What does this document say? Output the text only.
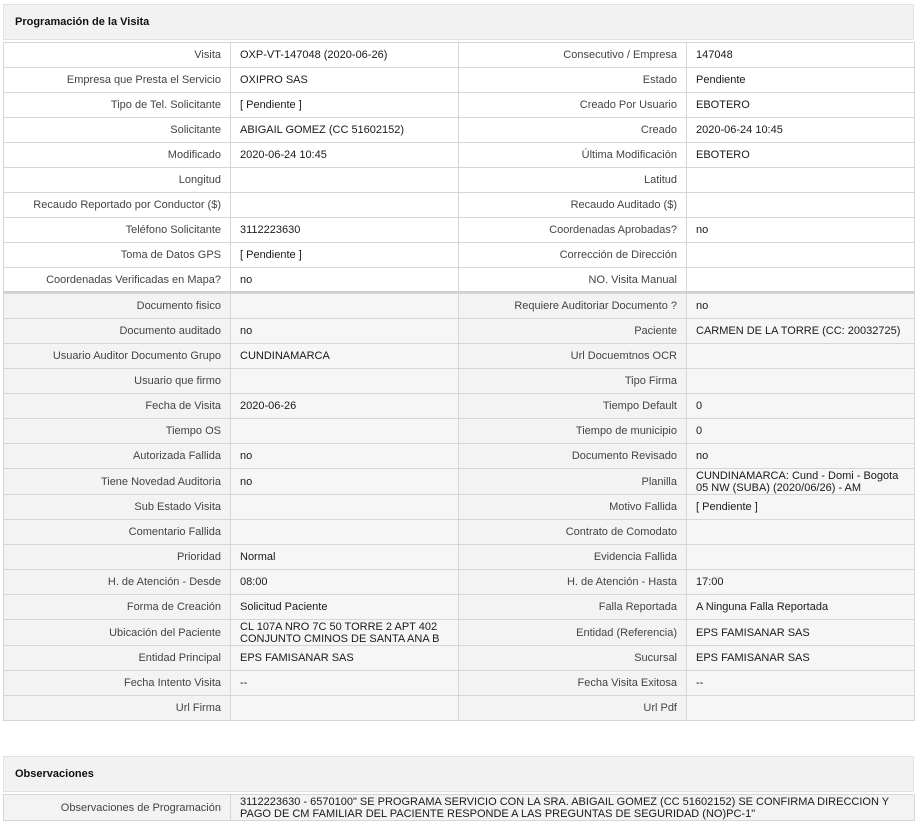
Programación de la Visita
Visita	OXP-VT-147048 (2020-06-26)	Consecutivo / Empresa	147048
Empresa que Presta el Servicio	OXIPRO SAS	Estado	Pendiente
Tipo de Tel. Solicitante	[ Pendiente ]	Creado Por Usuario	EBOTERO
Solicitante	ABIGAIL GOMEZ (CC 51602152)	Creado	2020-06-24 10:45
Modificado	2020-06-24 10:45	Última Modificación	EBOTERO
Longitud		Latitud	
Recaudo Reportado por Conductor ($)		Recaudo Auditado ($)	
Teléfono Solicitante	3112223630	Coordenadas Aprobadas?	no
Toma de Datos GPS	[ Pendiente ]	Corrección de Dirección	
Coordenadas Verificadas en Mapa?	no	NO. Visita Manual	
Documento fisico		Requiere Auditoriar Documento ?	no
Documento auditado	no	Paciente	CARMEN DE LA TORRE (CC: 20032725)
Usuario Auditor Documento Grupo	CUNDINAMARCA	Url Docuemtnos OCR	
Usuario que firmo		Tipo Firma	
Fecha de Visita	2020-06-26	Tiempo Default	0
Tiempo OS		Tiempo de municipio	0
Autorizada Fallida	no	Documento Revisado	no
Tiene Novedad Auditoria	no	Planilla	CUNDINAMARCA: Cund - Domi - Bogota 05 NW (SUBA) (2020/06/26) - AM
Sub Estado Visita		Motivo Fallida	[ Pendiente ]
Comentario Fallida		Contrato de Comodato	
Prioridad	Normal	Evidencia Fallida	
H. de Atención - Desde	08:00	H. de Atención - Hasta	17:00
Forma de Creación	Solicitud Paciente	Falla Reportada	A Ninguna Falla Reportada
Ubicación del Paciente	CL 107A NRO 7C 50 TORRE 2 APT 402 CONJUNTO CMINOS DE SANTA ANA B	Entidad (Referencia)	EPS FAMISANAR SAS
Entidad Principal	EPS FAMISANAR SAS	Sucursal	EPS FAMISANAR SAS
Fecha Intento Visita	--	Fecha Visita Exitosa	--
Url Firma		Url Pdf	
Observaciones
Observaciones de Programación	3112223630 - 6570100" SE PROGRAMA SERVICIO CON LA SRA. ABIGAIL GOMEZ (CC 51602152) SE CONFIRMA DIRECCION Y PAGO DE CM FAMILIAR DEL PACIENTE RESPONDE A LAS PREGUNTAS DE SEGURIDAD (NO)PC-1"
